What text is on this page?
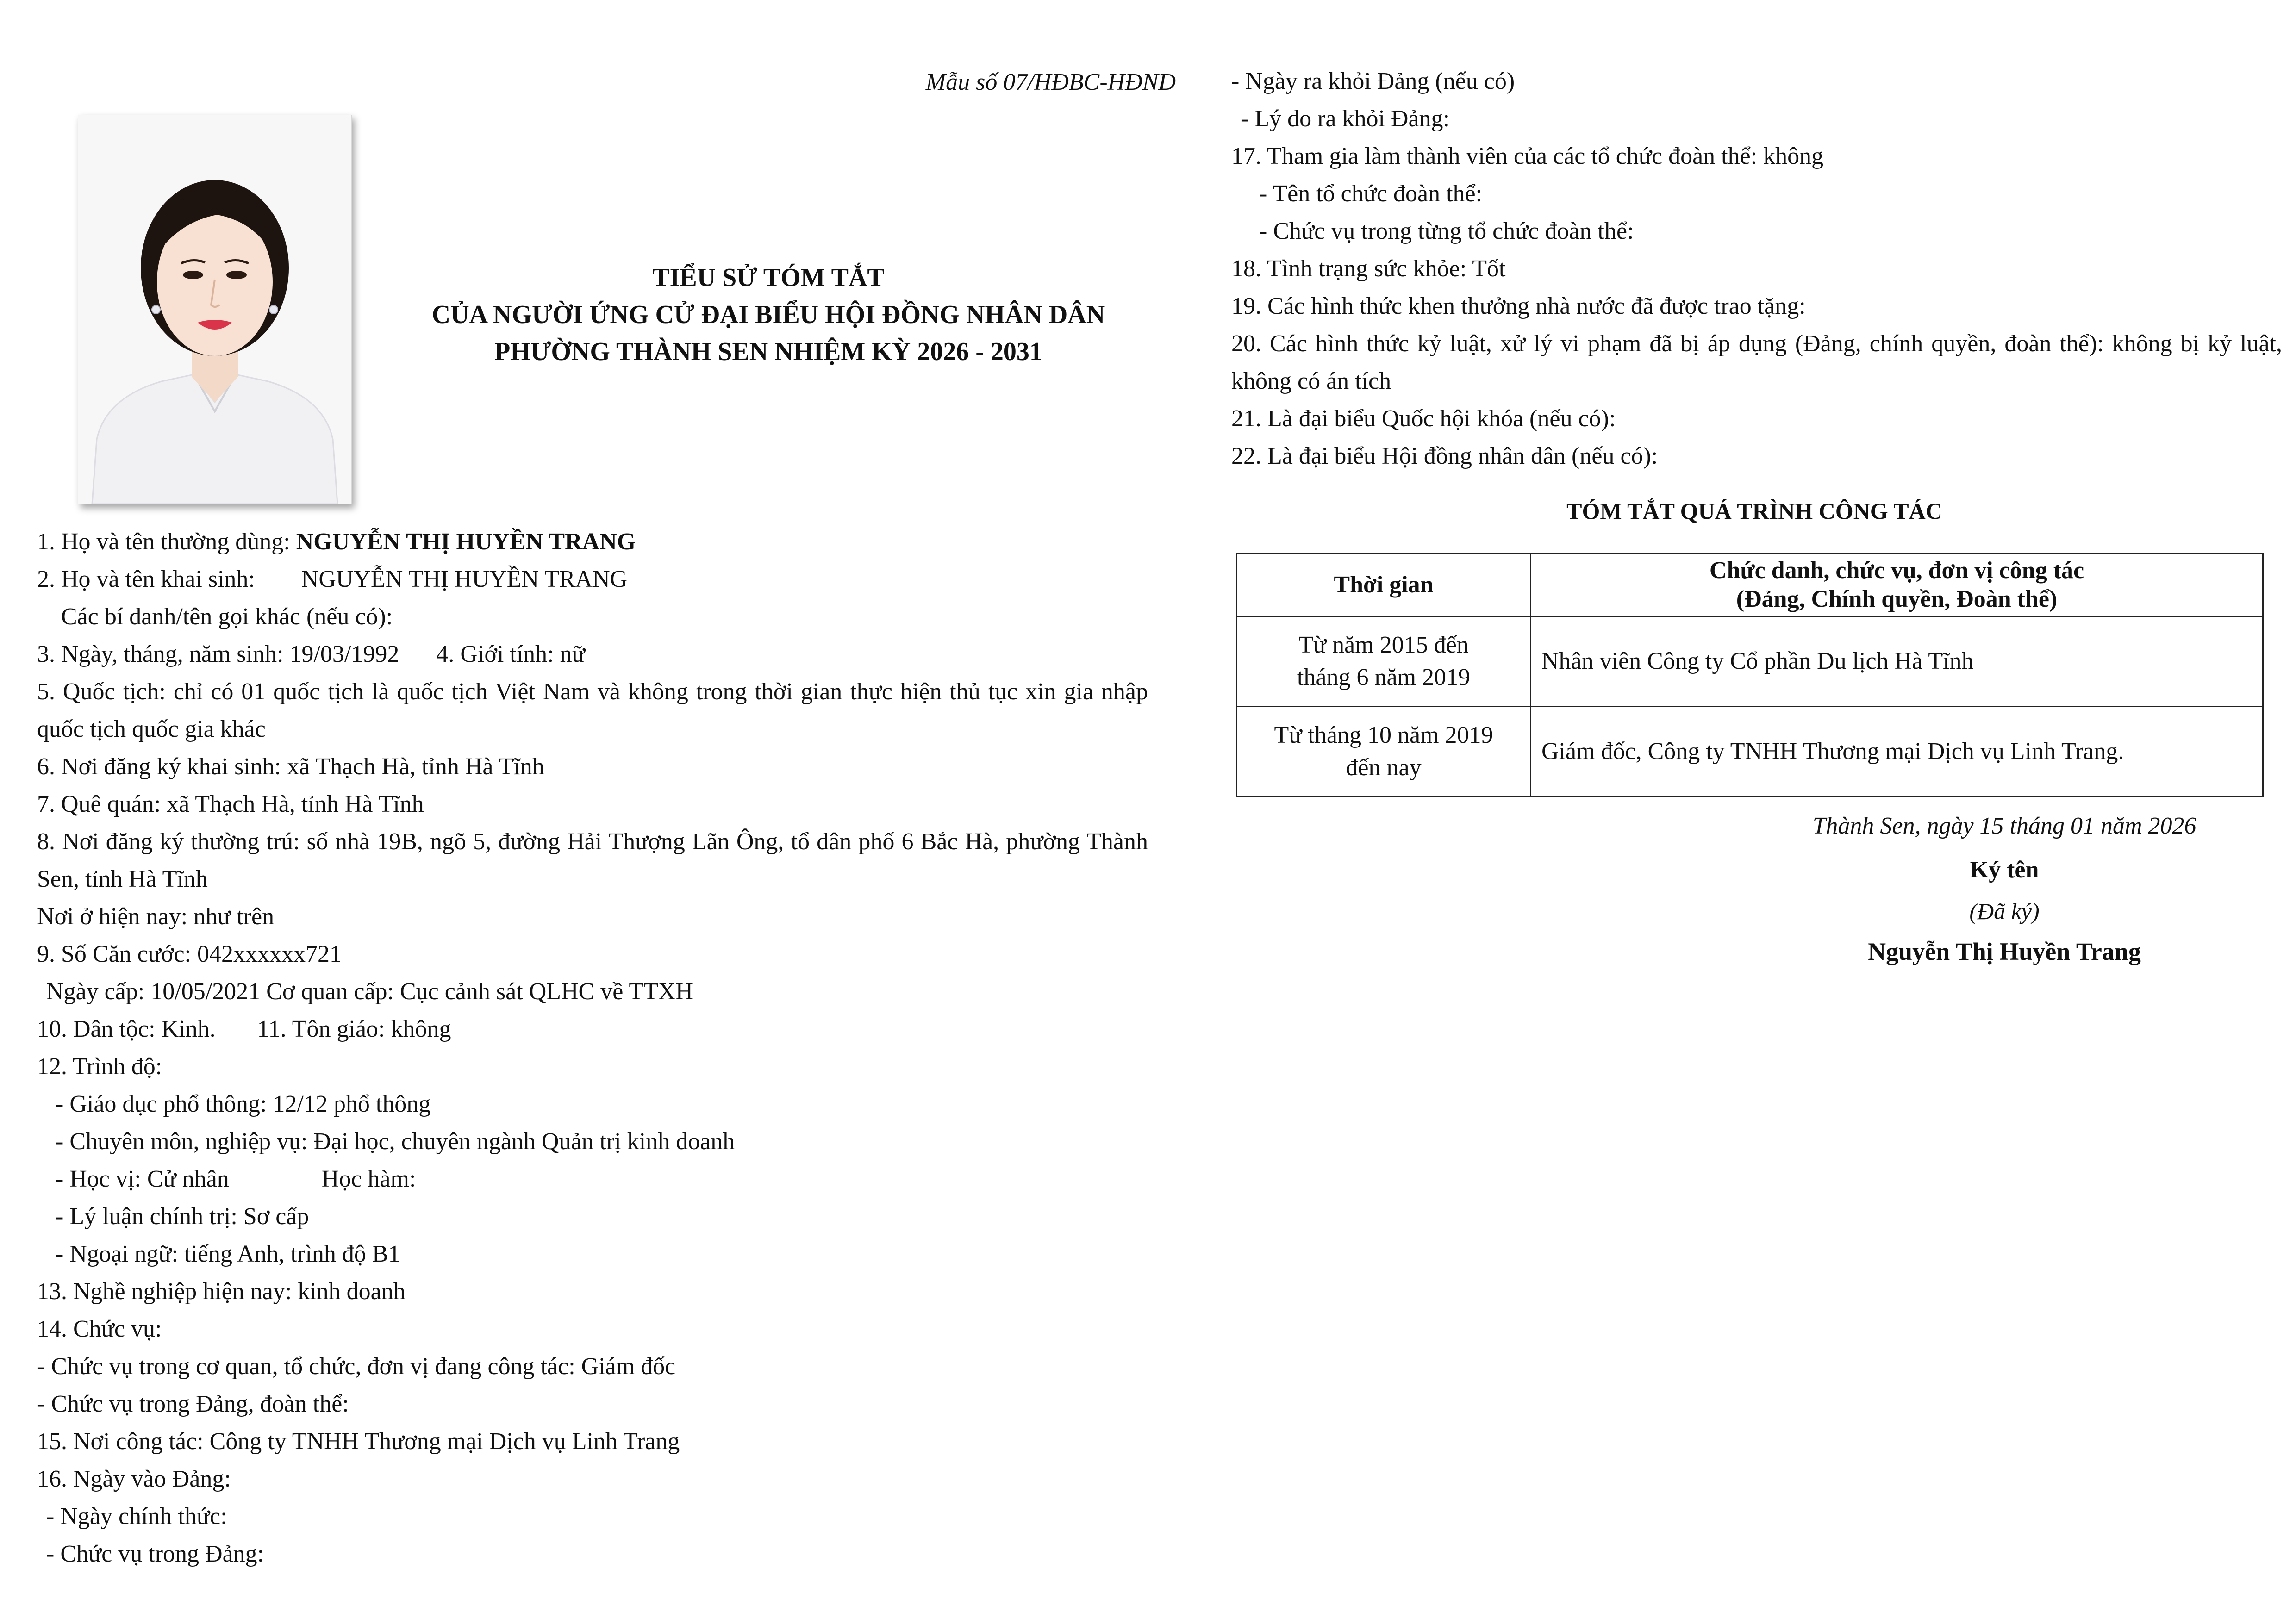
Mẫu số 07/HĐBC-HĐND
TIỂU SỬ TÓM TẮT
CỦA NGƯỜI ỨNG CỬ ĐẠI BIỂU HỘI ĐỒNG NHÂN DÂN
PHƯỜNG THÀNH SEN NHIỆM KỲ 2026 - 2031
1. Họ và tên thường dùng: NGUYỄN THỊ HUYỀN TRANG
2. Họ và tên khai sinh: NGUYỄN THỊ HUYỀN TRANG
Các bí danh/tên gọi khác (nếu có):
3. Ngày, tháng, năm sinh: 19/03/1992 4. Giới tính: nữ
5. Quốc tịch: chỉ có 01 quốc tịch là quốc tịch Việt Nam và không trong thời gian thực hiện thủ tục xin gia nhập quốc tịch quốc gia khác
6. Nơi đăng ký khai sinh: xã Thạch Hà, tỉnh Hà Tĩnh
7. Quê quán: xã Thạch Hà, tỉnh Hà Tĩnh
8. Nơi đăng ký thường trú: số nhà 19B, ngõ 5, đường Hải Thượng Lãn Ông, tổ dân phố 6 Bắc Hà, phường Thành Sen, tỉnh Hà Tĩnh
Nơi ở hiện nay: như trên
9. Số Căn cước: 042xxxxxx721
Ngày cấp: 10/05/2021 Cơ quan cấp: Cục cảnh sát QLHC về TTXH
10. Dân tộc: Kinh. 11. Tôn giáo: không
12. Trình độ:
- Giáo dục phổ thông: 12/12 phổ thông
- Chuyên môn, nghiệp vụ: Đại học, chuyên ngành Quản trị kinh doanh
- Học vị: Cử nhân	Học hàm:
- Lý luận chính trị: Sơ cấp
- Ngoại ngữ: tiếng Anh, trình độ B1
13. Nghề nghiệp hiện nay: kinh doanh
14. Chức vụ:
- Chức vụ trong cơ quan, tổ chức, đơn vị đang công tác: Giám đốc
- Chức vụ trong Đảng, đoàn thể:
15. Nơi công tác: Công ty TNHH Thương mại Dịch vụ Linh Trang
16. Ngày vào Đảng:
- Ngày chính thức:
- Chức vụ trong Đảng:
- Ngày ra khỏi Đảng (nếu có)
- Lý do ra khỏi Đảng:
17. Tham gia làm thành viên của các tổ chức đoàn thể: không
- Tên tổ chức đoàn thể:
- Chức vụ trong từng tổ chức đoàn thể:
18. Tình trạng sức khỏe: Tốt
19. Các hình thức khen thưởng nhà nước đã được trao tặng:
20. Các hình thức kỷ luật, xử lý vi phạm đã bị áp dụng (Đảng, chính quyền, đoàn thể): không bị kỷ luật, không có án tích
21. Là đại biểu Quốc hội khóa (nếu có):
22. Là đại biểu Hội đồng nhân dân (nếu có):
TÓM TẮT QUÁ TRÌNH CÔNG TÁC
Thời gian	Chức danh, chức vụ, đơn vị công tác
(Đảng, Chính quyền, Đoàn thể)

Từ năm 2015 đến
tháng 6 năm 2019	Nhân viên Công ty Cổ phần Du lịch Hà Tĩnh

Từ tháng 10 năm 2019
đến nay	Giám đốc, Công ty TNHH Thương mại Dịch vụ Linh Trang.
Thành Sen, ngày 15 tháng 01 năm 2026
Ký tên
(Đã ký)
Nguyễn Thị Huyền Trang
